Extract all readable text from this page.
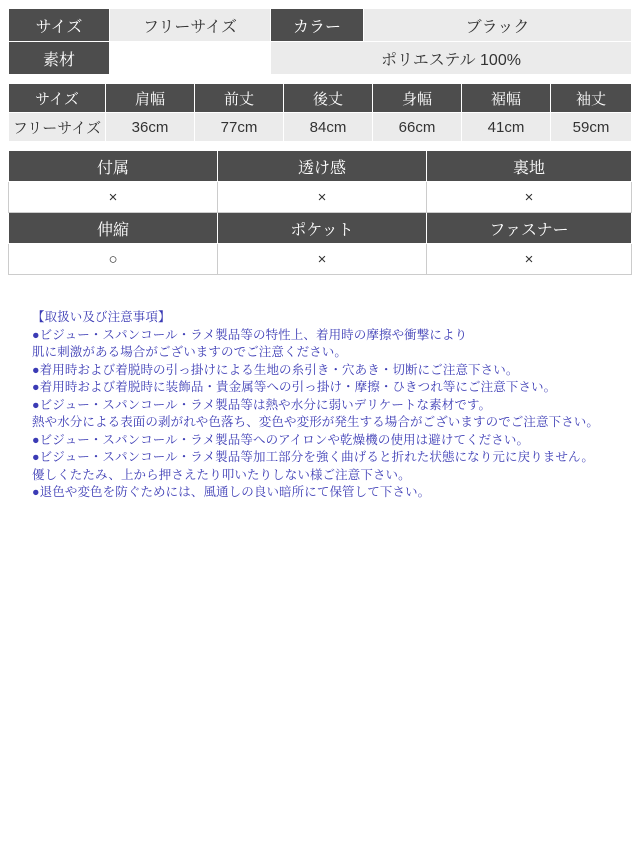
サイズ	フリーサイズ	カラー	ブラック
素材		ポリエステル 100%	
サイズ	肩幅	前丈	後丈	身幅	裾幅	袖丈
フリーサイズ	36cm	77cm	84cm	66cm	41cm	59cm
付属	透け感	裏地
×	×	×
伸縮	ポケット	ファスナー
○	×	×
【取扱い及び注意事項】
●ビジュー・スパンコール・ラメ製品等の特性上、着用時の摩擦や衝撃により
肌に刺激がある場合がございますのでご注意ください。
●着用時および着脱時の引っ掛けによる生地の糸引き・穴あき・切断にご注意下さい。
●着用時および着脱時に装飾品・貴金属等への引っ掛け・摩擦・ひきつれ等にご注意下さい。
●ビジュー・スパンコール・ラメ製品等は熱や水分に弱いデリケートな素材です。
熱や水分による表面の剥がれや色落ち、変色や変形が発生する場合がございますのでご注意下さい。
●ビジュー・スパンコール・ラメ製品等へのアイロンや乾燥機の使用は避けてください。
●ビジュー・スパンコール・ラメ製品等加工部分を強く曲げると折れた状態になり元に戻りません。
優しくたたみ、上から押さえたり叩いたりしない様ご注意下さい。
●退色や変色を防ぐためには、風通しの良い暗所にて保管して下さい。
